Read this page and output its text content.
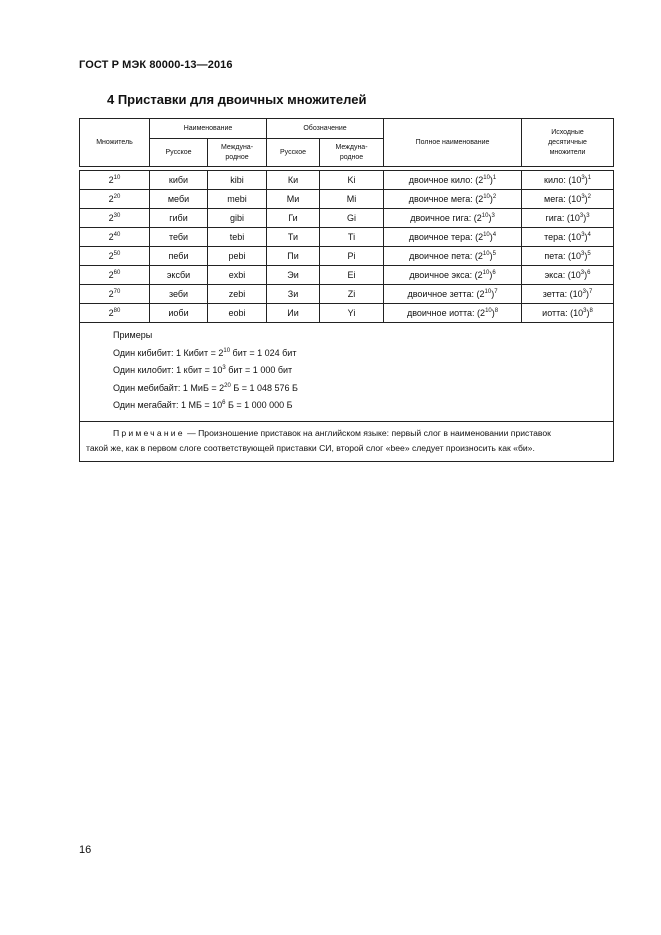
ГОСТ Р МЭК 80000-13—2016
4 Приставки для двоичных множителей
Множитель	Наименование		Обозначение		Полное наименование	Исходные десятичные множители
	Русское	Междуна-родное	Русское	Междуна-родное		

$2^{10}$	киби	kibi	Ки	Ki	двоичное кило: $(2^{10})^1$	кило: $(10^3)^1$
$2^{20}$	меби	mebi	Ми	Mi	двоичное мега: $(2^{10})^2$	мега: $(10^3)^2$
$2^{30}$	гиби	gibi	Ги	Gi	двоичное гига: $(2^{10})^3$	гига: $(10^3)^3$
$2^{40}$	теби	tebi	Ти	Ti	двоичное тера: $(2^{10})^4$	тера: $(10^3)^4$
$2^{50}$	пеби	pebi	Пи	Pi	двоичное пета: $(2^{10})^5$	пета: $(10^3)^5$
$2^{60}$	эксби	exbi	Эи	Ei	двоичное экса: $(2^{10})^6$	экса: $(10^3)^6$
$2^{70}$	зеби	zebi	Зи	Zi	двоичное зетта: $(2^{10})^7$	зетта: $(10^3)^7$
$2^{80}$	иоби	eobi	Ии	Yi	двоичное иотта: $(2^{10})^8$	иотта: $(10^3)^8$

Примеры
Один кибибит: 1 Кибит = $2^{10}$ бит = 1 024 бит
Один килобит: 1 кбит = $10^3$ бит = 1 000 бит
Один мебибайт: 1 МиБ = $2^{20}$ Б = 1 048 576 Б
Один мегабайт: 1 МБ = $10^6$ Б = 1 000 000 Б						

Примечание — Произношение приставок на английском языке: первый слог в наименовании приставок
такой же, как в первом слоге соответствующей приставки СИ, второй слог «bee» следует произносить как «би».						
16
